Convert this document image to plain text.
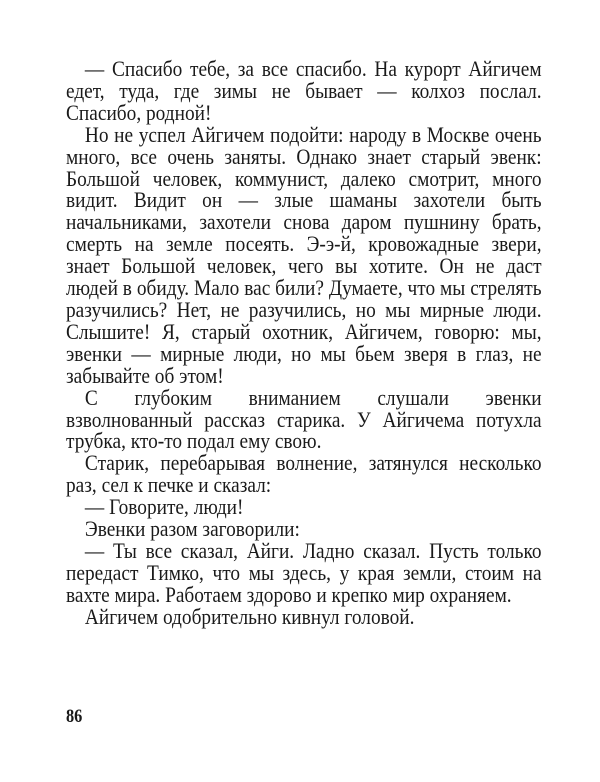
— Спасибо тебе, за все спасибо. На курорт Айгичем едет, туда, где зимы не бывает — колхоз послал. Спасибо, родной!

Но не успел Айгичем подойти: народу в Москве очень много, все очень заняты. Однако знает старый эвенк: Большой человек, коммунист, далеко смотрит, много видит. Видит он — злые шаманы захотели быть начальниками, захотели снова даром пушнину брать, смерть на земле посеять. Э-э-й, кровожадные звери, знает Большой человек, чего вы хотите. Он не даст людей в обиду. Мало вас били? Думаете, что мы стрелять разучились? Нет, не разучились, но мы мирные люди. Слышите! Я, старый охотник, Айгичем, говорю: мы, эвенки — мирные люди, но мы бьем зверя в глаз, не забывайте об этом!

С глубоким вниманием слушали эвенки взволнованный рассказ старика. У Айгичема потухла трубка, кто-то подал ему свою.

Старик, перебарывая волнение, затянулся несколько раз, сел к печке и сказал:

— Говорите, люди!

Эвенки разом заговорили:

— Ты все сказал, Айги. Ладно сказал. Пусть только передаст Тимко, что мы здесь, у края земли, стоим на вахте мира. Работаем здорово и крепко мир охраняем.

Айгичем одобрительно кивнул головой.

86
